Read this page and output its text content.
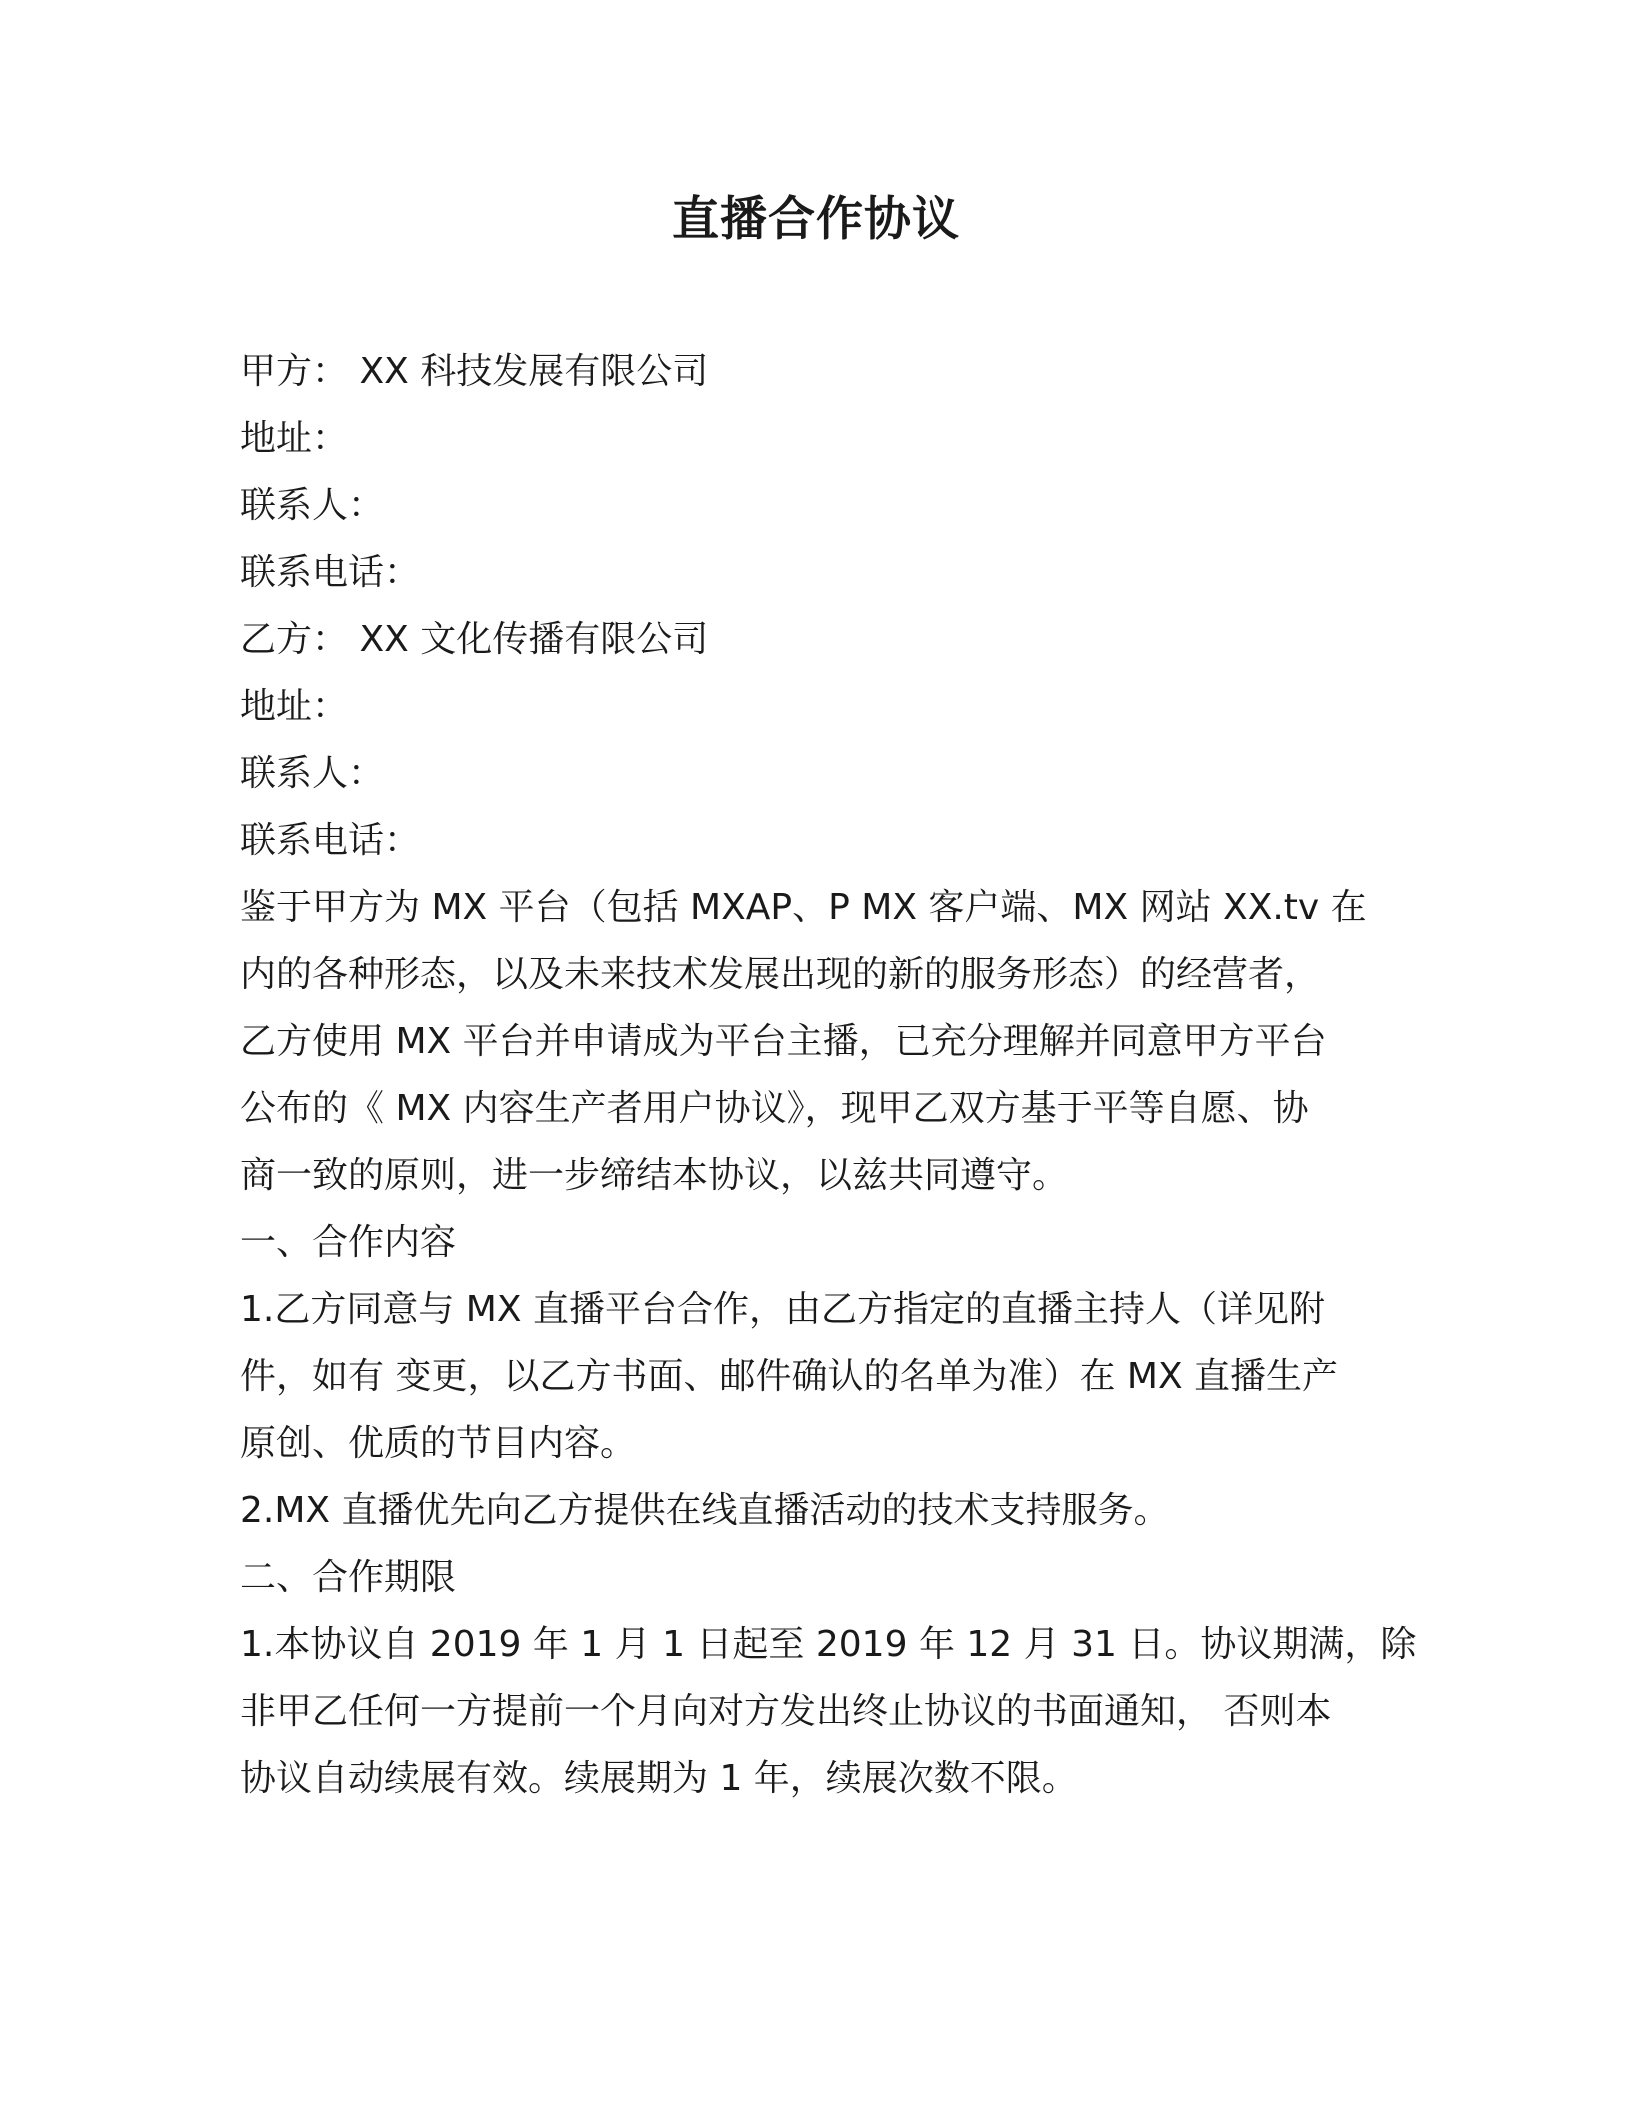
直播合作协议
甲方： XX 科技发展有限公司
地址：
联系人：
联系电话：
乙方： XX 文化传播有限公司
地址：
联系人：
联系电话：
鉴于甲方为 MX 平台（包括 MXAP、P MX 客户端、MX 网站 XX.tv 在
内的各种形态，以及未来技术发展出现的新的服务形态）的经营者，
乙方使用 MX 平台并申请成为平台主播，已充分理解并同意甲方平台
公布的《 MX 内容生产者用户协议》，现甲乙双方基于平等自愿、协
商一致的原则，进一步缔结本协议，以兹共同遵守。
一、合作内容
1.乙方同意与 MX 直播平台合作，由乙方指定的直播主持人（详见附
件，如有 变更，以乙方书面、邮件确认的名单为准）在 MX 直播生产
原创、优质的节目内容。
2.MX 直播优先向乙方提供在线直播活动的技术支持服务。
二、合作期限
1.本协议自 2019 年 1 月 1 日起至 2019 年 12 月 31 日。协议期满，除
非甲乙任何一方提前一个月向对方发出终止协议的书面通知， 否则本
协议自动续展有效。续展期为 1 年，续展次数不限。
